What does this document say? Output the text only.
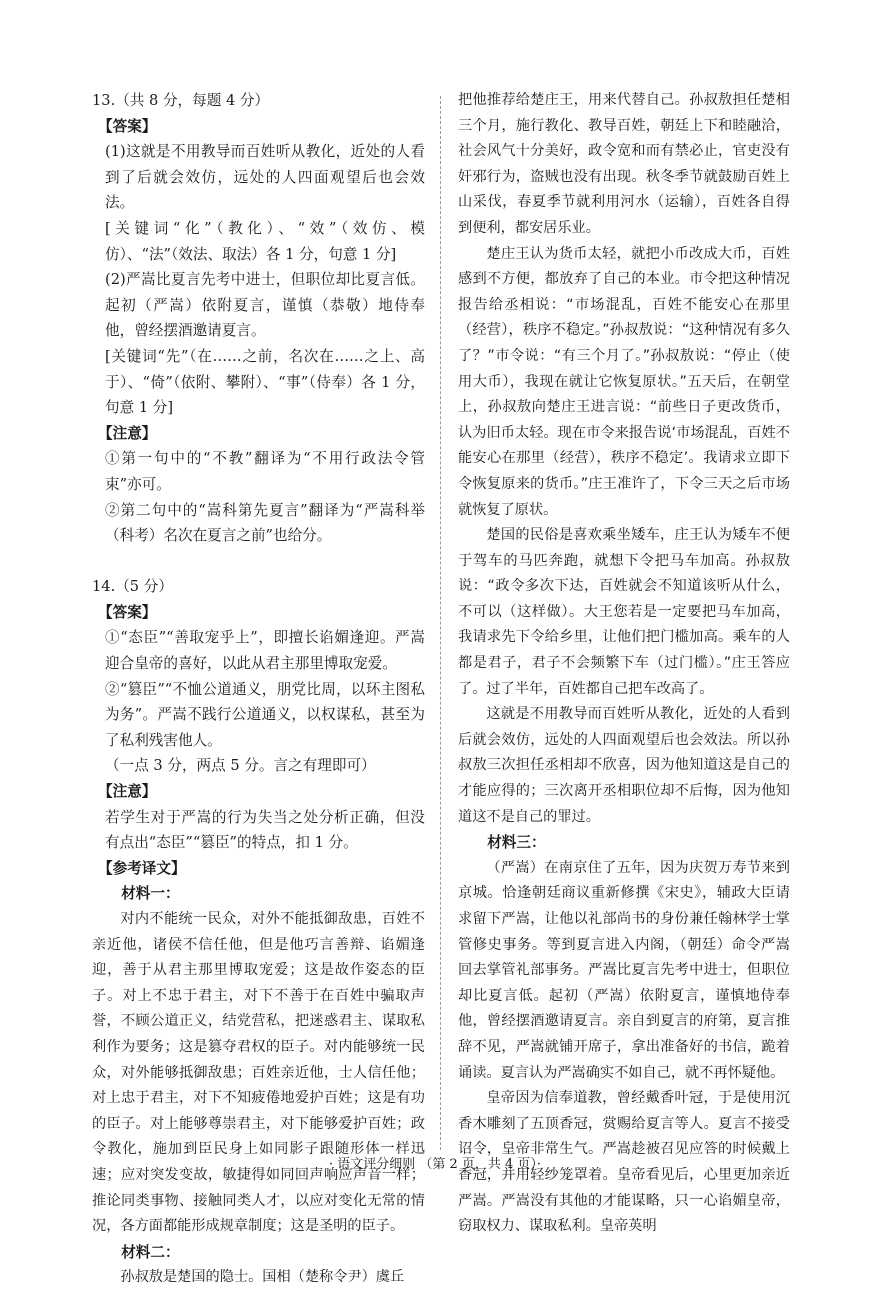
13.（共 8 分，每题 4 分）
【答案】
(1)这就是不用教导而百姓听从教化，近处的人看到了后就会效仿，远处的人四面观望后也会效法。
[关键词“化”（教化）、“效”（效仿、模仿）、“法”（效法、取法）各 1 分，句意 1 分]
(2)严嵩比夏言先考中进士，但职位却比夏言低。起初（严嵩）依附夏言，谨慎（恭敬）地侍奉他，曾经摆酒邀请夏言。
[关键词“先”（在……之前，名次在……之上、高于）、“倚”（依附、攀附）、“事”（侍奉）各 1 分，句意 1 分]
【注意】
①第一句中的“不教”翻译为“不用行政法令管束”亦可。
②第二句中的“嵩科第先夏言”翻译为“严嵩科举（科考）名次在夏言之前”也给分。
14.（5 分）
【答案】
①“态臣”“善取宠乎上”，即擅长谄媚逢迎。严嵩迎合皇帝的喜好，以此从君主那里博取宠爱。
②“篡臣”“不恤公道通义，朋党比周，以环主图私为务”。严嵩不践行公道通义，以权谋私，甚至为了私利残害他人。
（一点 3 分，两点 5 分。言之有理即可）
【注意】
若学生对于严嵩的行为失当之处分析正确，但没有点出“态臣”“篡臣”的特点，扣 1 分。
【参考译文】
材料一：
对内不能统一民众，对外不能抵御敌患，百姓不亲近他，诸侯不信任他，但是他巧言善辩、谄媚逢迎，善于从君主那里博取宠爱；这是故作姿态的臣子。对上不忠于君主，对下不善于在百姓中骗取声誉，不顾公道正义，结党营私，把迷惑君主、谋取私利作为要务；这是篡夺君权的臣子。对内能够统一民众，对外能够抵御敌患；百姓亲近他，士人信任他；对上忠于君主，对下不知疲倦地爱护百姓；这是有功的臣子。对上能够尊崇君主，对下能够爱护百姓；政令教化，施加到臣民身上如同影子跟随形体一样迅速；应对突发变故，敏捷得如同回声响应声音一样；推论同类事物、接触同类人才，以应对变化无常的情况，各方面都能形成规章制度；这是圣明的臣子。
材料二：
孙叔敖是楚国的隐士。国相（楚称令尹）虞丘
把他推荐给楚庄王，用来代替自己。孙叔敖担任楚相三个月，施行教化、教导百姓，朝廷上下和睦融洽，社会风气十分美好，政令宽和而有禁必止，官吏没有奸邪行为，盗贼也没有出现。秋冬季节就鼓励百姓上山采伐，春夏季节就利用河水（运输），百姓各自得到便利，都安居乐业。
楚庄王认为货币太轻，就把小币改成大币，百姓感到不方便，都放弃了自己的本业。市令把这种情况报告给丞相说：“市场混乱，百姓不能安心在那里（经营），秩序不稳定。”孙叔敖说：“这种情况有多久了？”市令说：“有三个月了。”孙叔敖说：“停止（使用大币），我现在就让它恢复原状。”五天后，在朝堂上，孙叔敖向楚庄王进言说：“前些日子更改货币，认为旧币太轻。现在市令来报告说‘市场混乱，百姓不能安心在那里（经营），秩序不稳定’。我请求立即下令恢复原来的货币。”庄王准许了，下令三天之后市场就恢复了原状。
楚国的民俗是喜欢乘坐矮车，庄王认为矮车不便于驾车的马匹奔跑，就想下令把马车加高。孙叔敖说：“政令多次下达，百姓就会不知道该听从什么，不可以（这样做）。大王您若是一定要把马车加高，我请求先下令给乡里，让他们把门槛加高。乘车的人都是君子，君子不会频繁下车（过门槛）。”庄王答应了。过了半年，百姓都自己把车改高了。
这就是不用教导而百姓听从教化，近处的人看到后就会效仿，远处的人四面观望后也会效法。所以孙叔敖三次担任丞相却不欣喜，因为他知道这是自己的才能应得的；三次离开丞相职位却不后悔，因为他知道这不是自己的罪过。
材料三：
（严嵩）在南京住了五年，因为庆贺万寿节来到京城。恰逢朝廷商议重新修撰《宋史》，辅政大臣请求留下严嵩，让他以礼部尚书的身份兼任翰林学士掌管修史事务。等到夏言进入内阁，（朝廷）命令严嵩回去掌管礼部事务。严嵩比夏言先考中进士，但职位却比夏言低。起初（严嵩）依附夏言，谨慎地侍奉他，曾经摆酒邀请夏言。亲自到夏言的府第，夏言推辞不见，严嵩就铺开席子，拿出准备好的书信，跪着诵读。夏言认为严嵩确实不如自己，就不再怀疑他。
皇帝因为信奉道教，曾经戴香叶冠，于是使用沉香木雕刻了五顶香冠，赏赐给夏言等人。夏言不接受诏令，皇帝非常生气。严嵩趁被召见应答的时候戴上香冠，并用轻纱笼罩着。皇帝看见后，心里更加亲近严嵩。严嵩没有其他的才能谋略，只一心谄媚皇帝，窃取权力、谋取私利。皇帝英明
· 语文评分细则 （第 2 页，共 4 页）·
